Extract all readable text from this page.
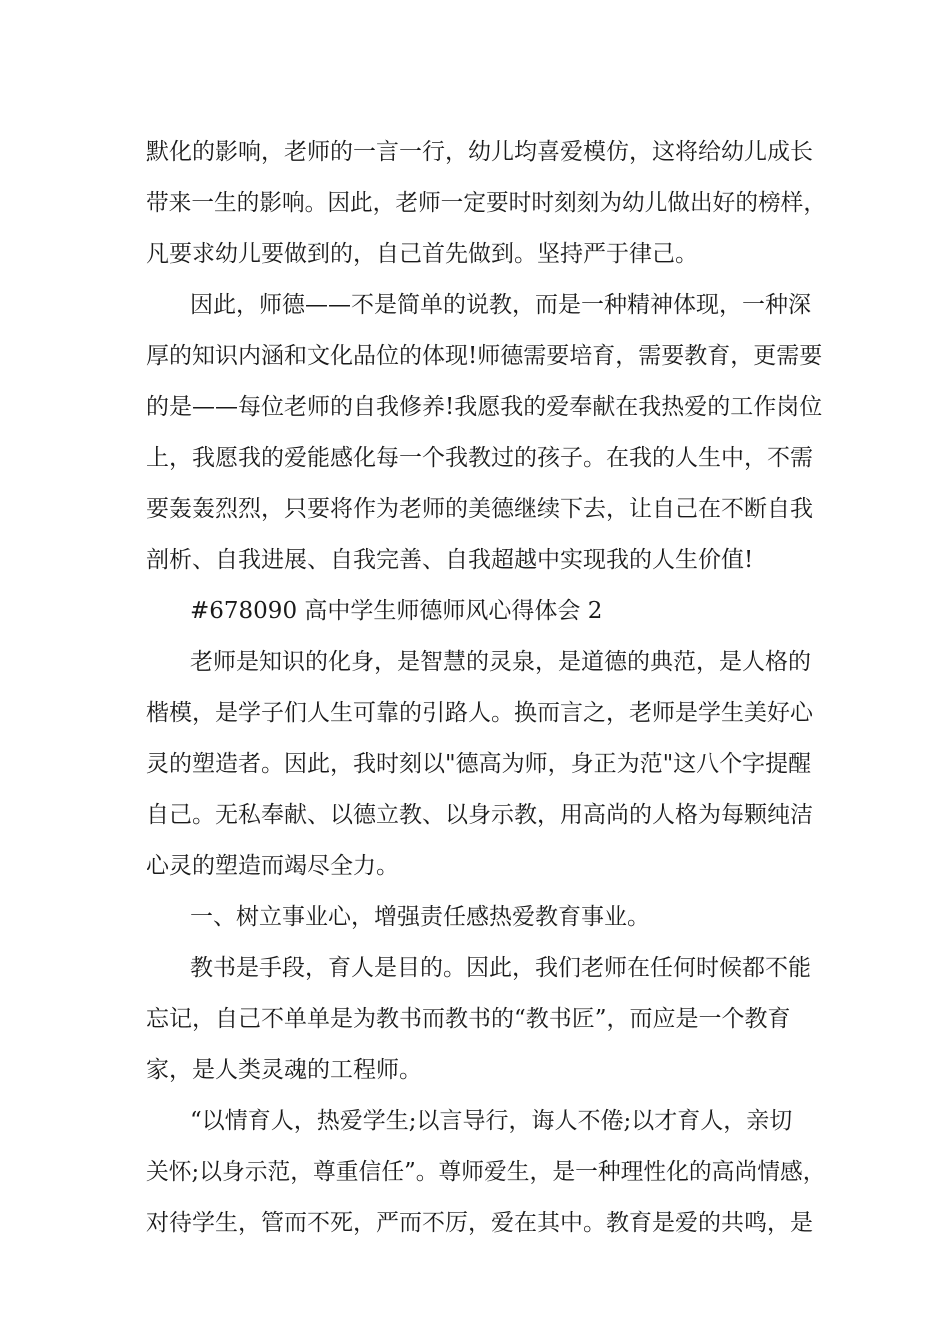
默化的影响，老师的一言一行，幼儿均喜爱模仿，这将给幼儿成长
带来一生的影响。因此，老师一定要时时刻刻为幼儿做出好的榜样，
凡要求幼儿要做到的，自己首先做到。坚持严于律己。
因此，师德——不是简单的说教，而是一种精神体现，一种深
厚的知识内涵和文化品位的体现!师德需要培育，需要教育，更需要
的是——每位老师的自我修养!我愿我的爱奉献在我热爱的工作岗位
上，我愿我的爱能感化每一个我教过的孩子。在我的人生中，不需
要轰轰烈烈，只要将作为老师的美德继续下去，让自己在不断自我
剖析、自我进展、自我完善、自我超越中实现我的人生价值!
#678090 高中学生师德师风心得体会 2
老师是知识的化身，是智慧的灵泉，是道德的典范，是人格的
楷模，是学子们人生可靠的引路人。换而言之，老师是学生美好心
灵的塑造者。因此，我时刻以"德高为师，身正为范"这八个字提醒
自己。无私奉献、以德立教、以身示教，用高尚的人格为每颗纯洁
心灵的塑造而竭尽全力。
一、树立事业心，增强责任感热爱教育事业。
教书是手段，育人是目的。因此，我们老师在任何时候都不能
忘记，自己不单单是为教书而教书的“教书匠”，而应是一个教育
家，是人类灵魂的工程师。
“以情育人，热爱学生;以言导行，诲人不倦;以才育人，亲切
关怀;以身示范，尊重信任”。尊师爱生，是一种理性化的高尚情感，
对待学生，管而不死，严而不厉，爱在其中。教育是爱的共鸣，是
